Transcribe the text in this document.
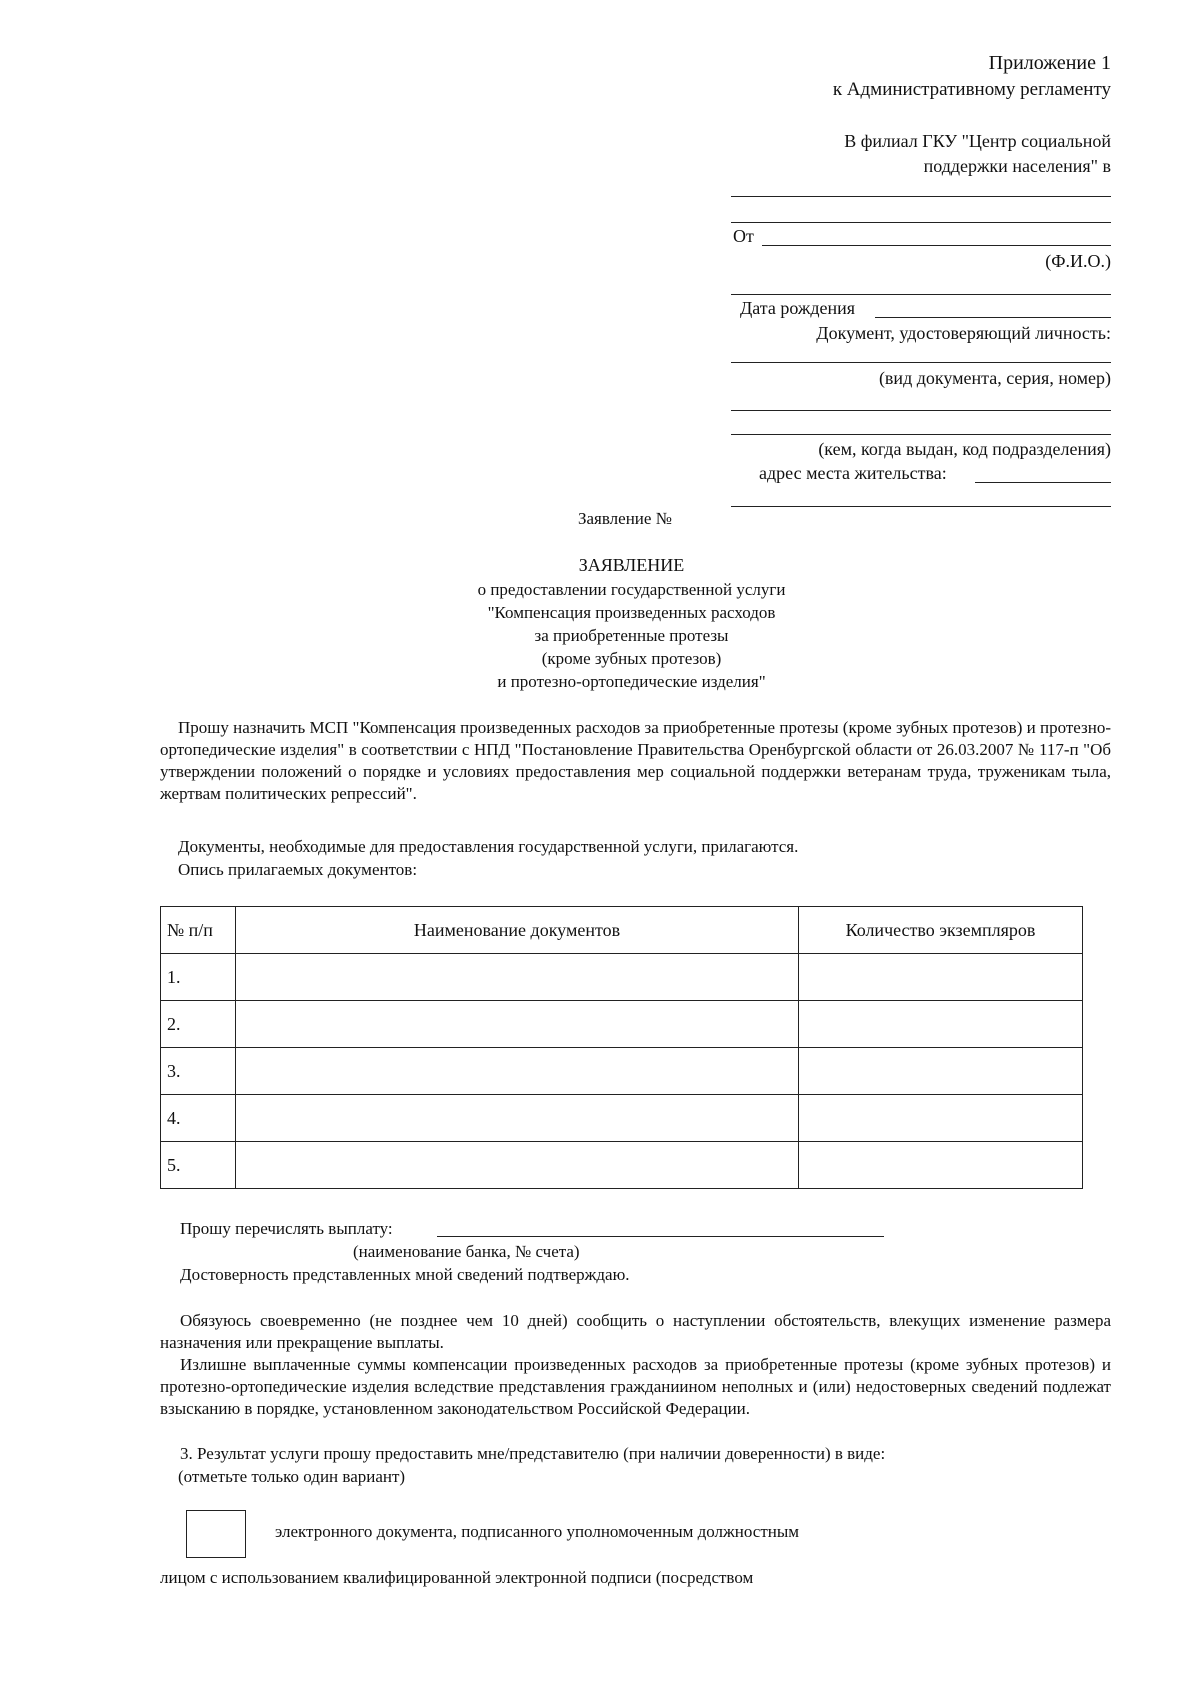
Приложение 1
к Административному регламенту
В филиал ГКУ "Центр социальной
поддержки населения" в
От
(Ф.И.О.)
Дата рождения
Документ, удостоверяющий личность:
(вид документа, серия, номер)
(кем, когда выдан, код подразделения)
адрес места жительства:
Заявление №
ЗАЯВЛЕНИЕ
о предоставлении государственной услуги
"Компенсация произведенных расходов
за приобретенные протезы
(кроме зубных протезов)
и протезно-ортопедические изделия"
Прошу назначить МСП "Компенсация произведенных расходов за приобретенные протезы (кроме зубных протезов) и протезно-ортопедические изделия" в соответствии с НПД "Постановление Правительства Оренбургской области от 26.03.2007 № 117-п "Об утверждении положений о порядке и условиях предоставления мер социальной поддержки ветеранам труда, труженикам тыла, жертвам политических репрессий".
Документы, необходимые для предоставления государственной услуги, прилагаются.
Опись прилагаемых документов:
№ п/п	Наименование документов	Количество экземпляров
1.		
2.		
3.		
4.		
5.		
Прошу перечислять выплату:
(наименование банка, № счета)
Достоверность представленных мной сведений подтверждаю.
Обязуюсь своевременно (не позднее чем 10 дней) сообщить о наступлении обстоятельств, влекущих изменение размера назначения или прекращение выплаты.
Излишне выплаченные суммы компенсации произведенных расходов за приобретенные протезы (кроме зубных протезов) и протезно-ортопедические изделия вследствие представления гражданиином неполных и (или) недостоверных сведений подлежат взысканию в порядке, установленном законодательством Российской Федерации.
3. Результат услуги прошу предоставить мне/представителю (при наличии доверенности) в виде:
(отметьте только один вариант)
электронного документа, подписанного уполномоченным должностным
лицом с использованием квалифицированной электронной подписи (посредством
